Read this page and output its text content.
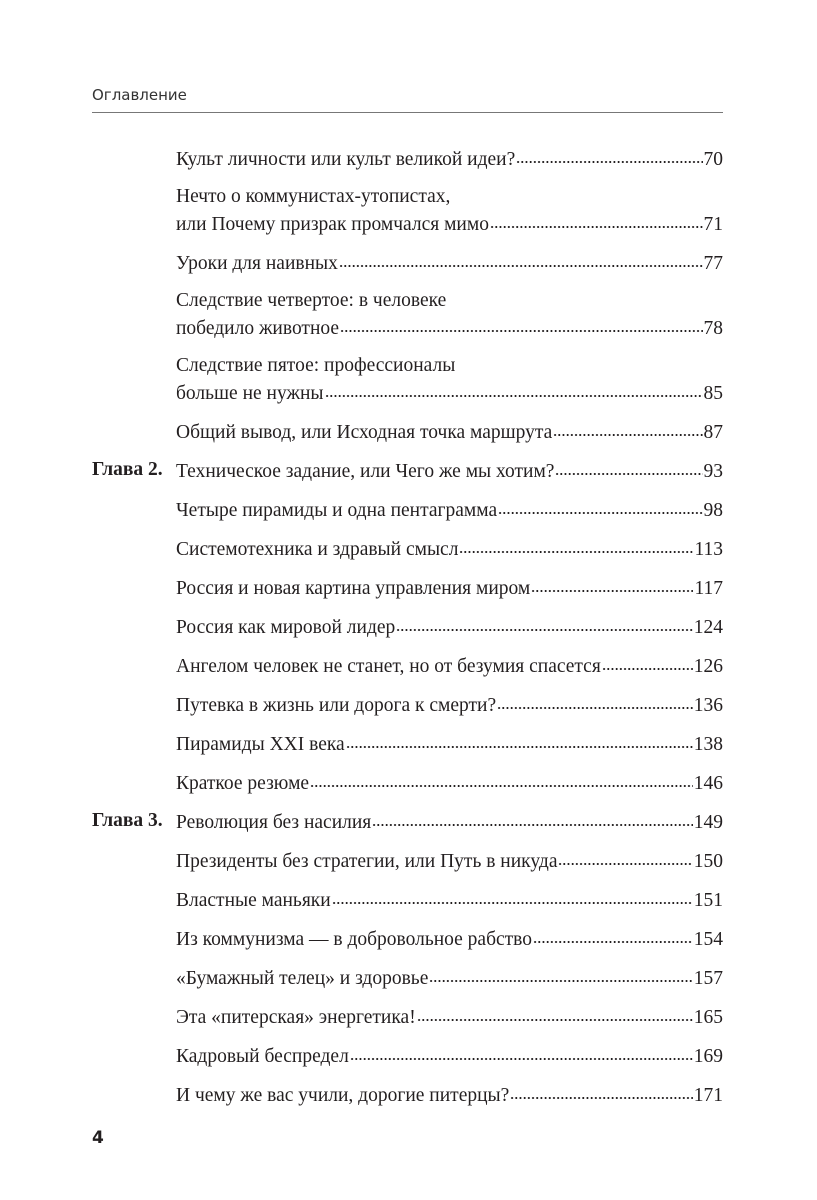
Оглавление
Культ личности или культ великой идеи?	70
Нечто о коммунистах-утопистах,
или Почему призрак промчался мимо	71
Уроки для наивных	77
Следствие четвертое: в человеке
победило животное	78
Следствие пятое: профессионалы
больше не нужны	85
Общий вывод, или Исходная точка маршрута	87
Глава 2. Техническое задание, или Чего же мы хотим?	93
Четыре пирамиды и одна пентаграмма	98
Системотехника и здравый смысл	113
Россия и новая картина управления миром	117
Россия как мировой лидер	124
Ангелом человек не станет, но от безумия спасется	126
Путевка в жизнь или дорога к смерти?	136
Пирамиды XXI века	138
Краткое резюме	146
Глава 3. Революция без насилия	149
Президенты без стратегии, или Путь в никуда	150
Властные маньяки	151
Из коммунизма — в добровольное рабство	154
«Бумажный телец» и здоровье	157
Эта «питерская» энергетика!	165
Кадровый беспредел	169
И чему же вас учили, дорогие питерцы?	171
4
